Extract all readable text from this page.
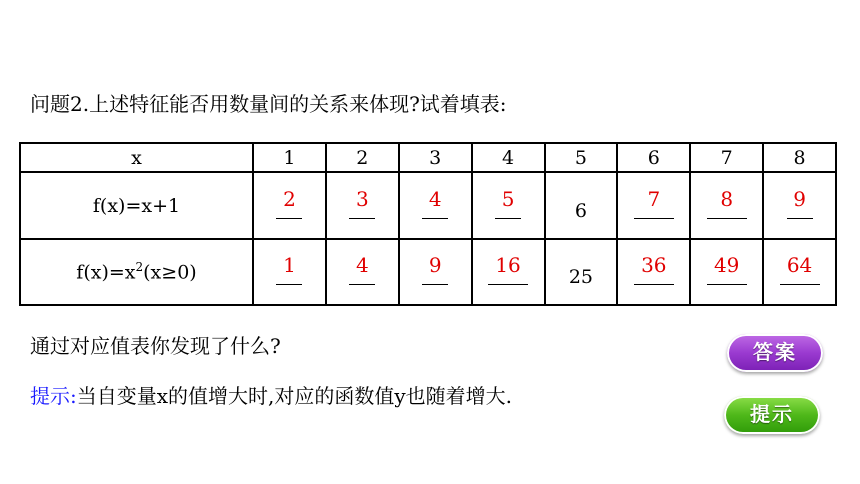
问题2.上述特征能否用数量间的关系来体现?试着填表:
x	1	2	3	4	5	6	7	8
f(x)=x+1	2	3	4	5	6	7	8	9

$f(x)=x^2(x\ge 0)$	1	4	9	16	25	36	49	64
通过对应值表你发现了什么?
提示:当自变量x的值增大时,对应的函数值y也随着增大.
答案
提示
